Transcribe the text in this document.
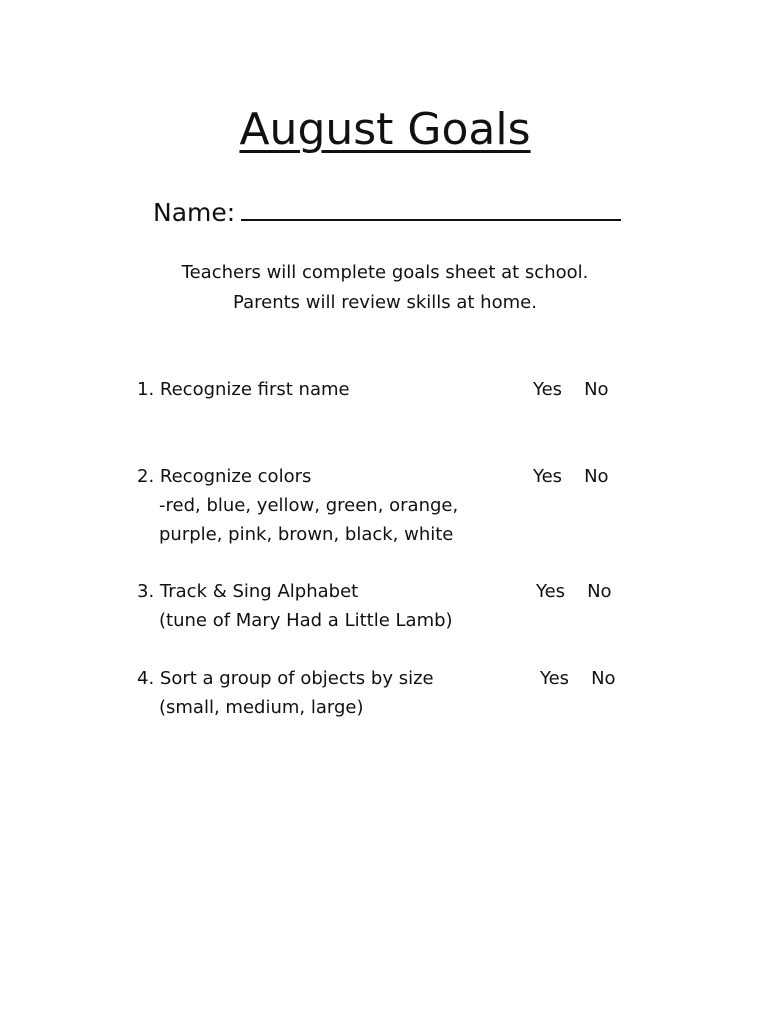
August Goals
Name:
Teachers will complete goals sheet at school.
Parents will review skills at home.
1. Recognize first name	Yes No
2. Recognize colors
-red, blue, yellow, green, orange,
purple, pink, brown, black, white
Yes No
3. Track & Sing Alphabet
(tune of Mary Had a Little Lamb)
Yes No
4. Sort a group of objects by size
(small, medium, large)
Yes No
